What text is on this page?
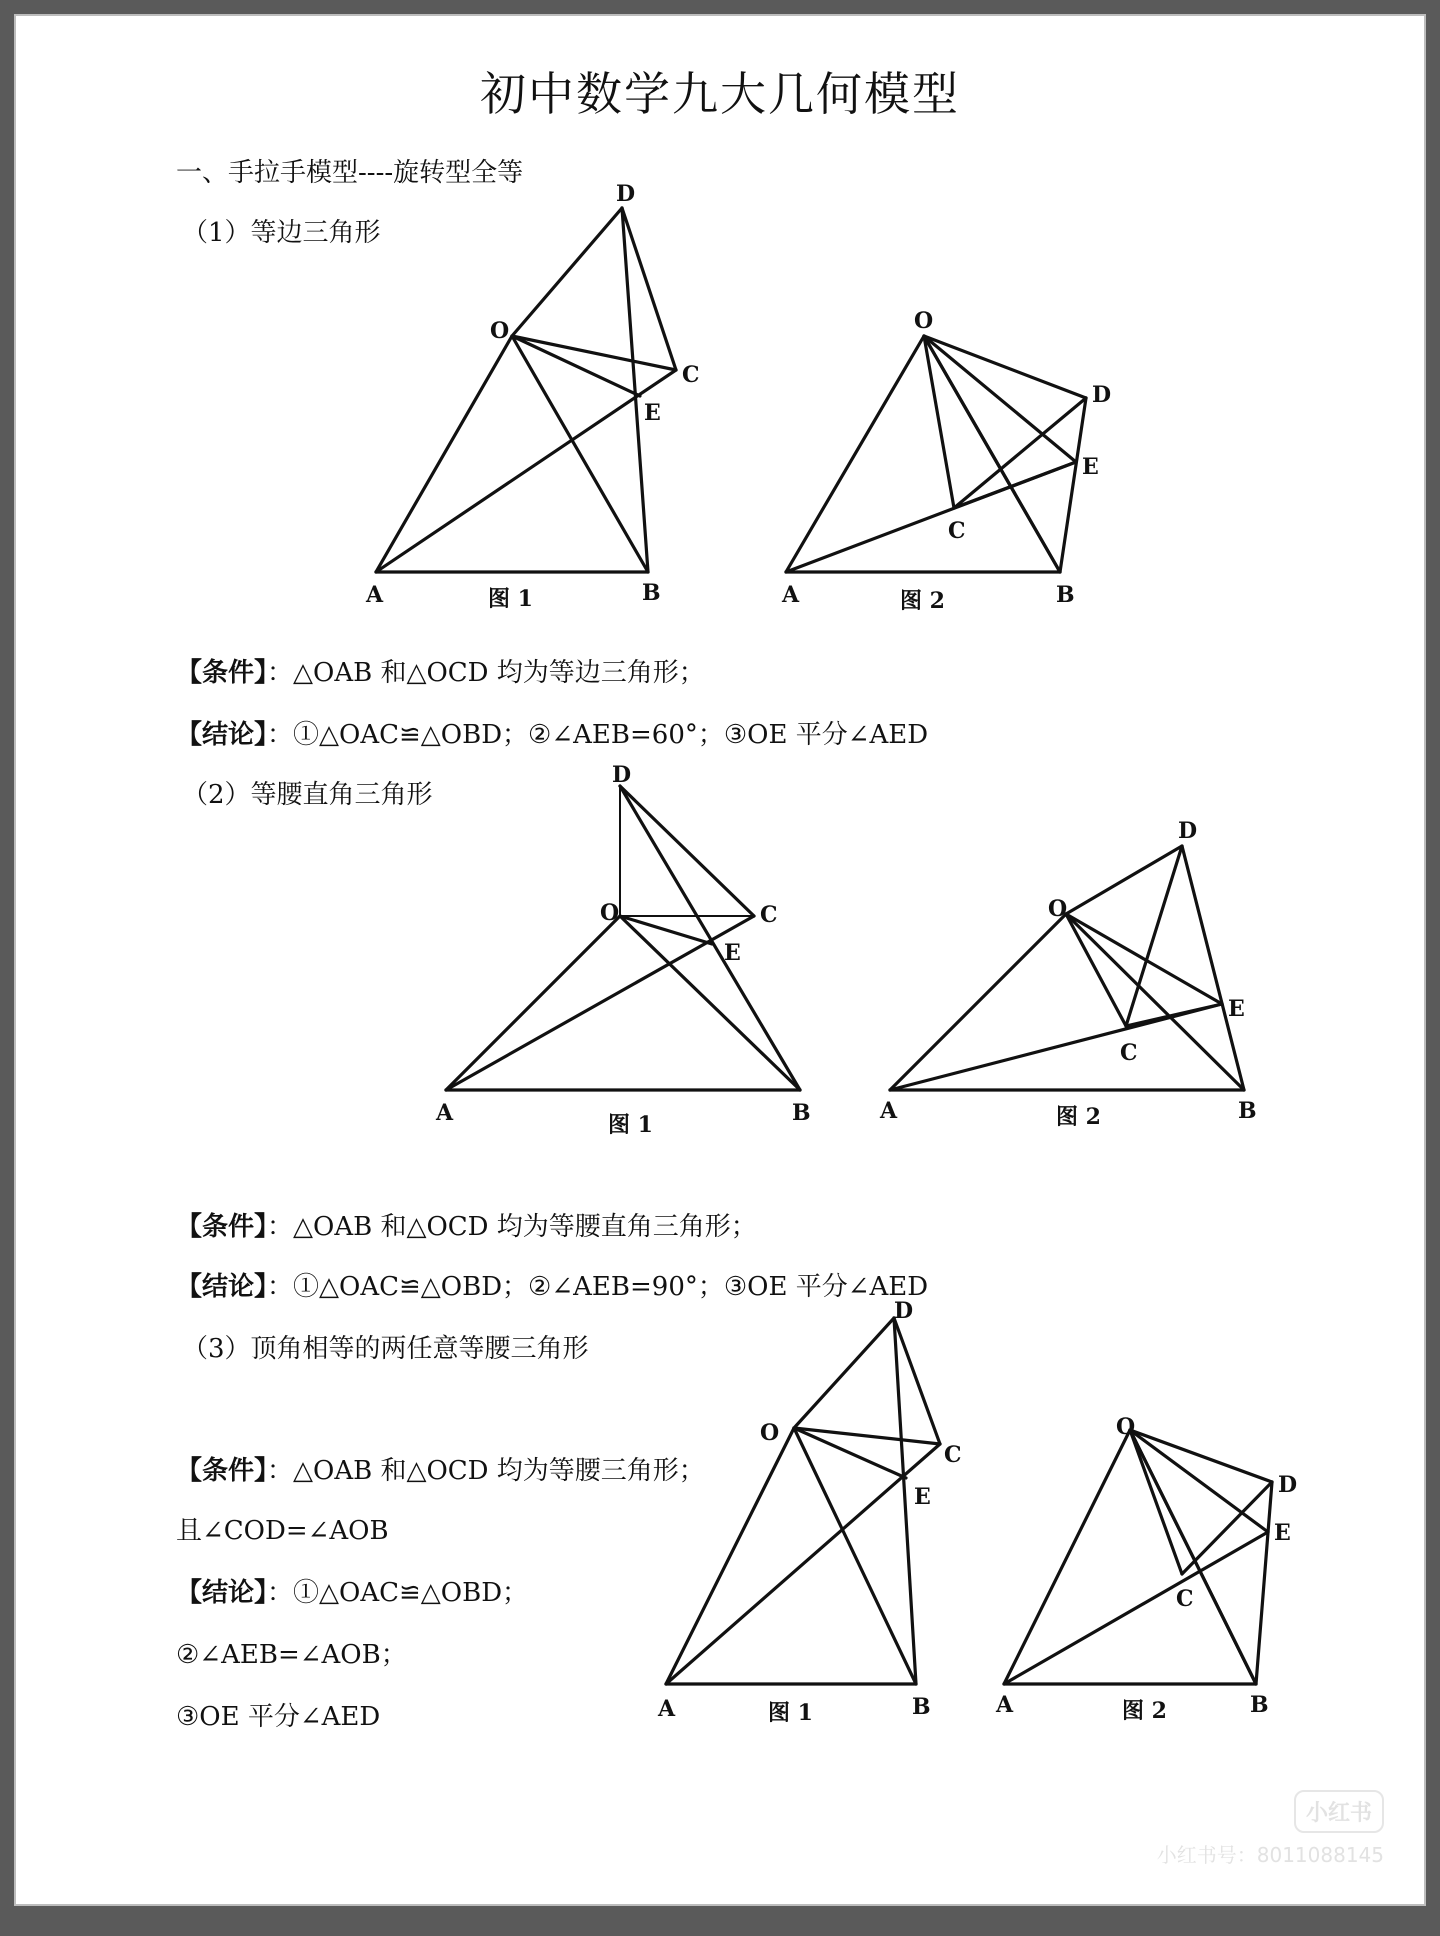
初中数学九大几何模型
一、手拉手模型----旋转型全等
（1）等边三角形
D
O
C
E
A	B
图 1
O
D
E
C
A	B
图 2
【条件】：△OAB 和△OCD 均为等边三角形；
【结论】：①△OAC≌△OBD；②∠AEB=60°；③OE 平分∠AED
（2）等腰直角三角形
D
O	C
E
A	B
图 1
D
O
E
C
A	B
图 2
【条件】：△OAB 和△OCD 均为等腰直角三角形；
【结论】：①△OAC≌△OBD；②∠AEB=90°；③OE 平分∠AED
（3）顶角相等的两任意等腰三角形
【条件】：△OAB 和△OCD 均为等腰三角形；
且∠COD=∠AOB
【结论】：①△OAC≌△OBD；
②∠AEB=∠AOB；
③OE 平分∠AED
D
O
C
E
A	B
图 1
O
D
E
C
A	B
图 2
小红书
小红书号：8011088145
